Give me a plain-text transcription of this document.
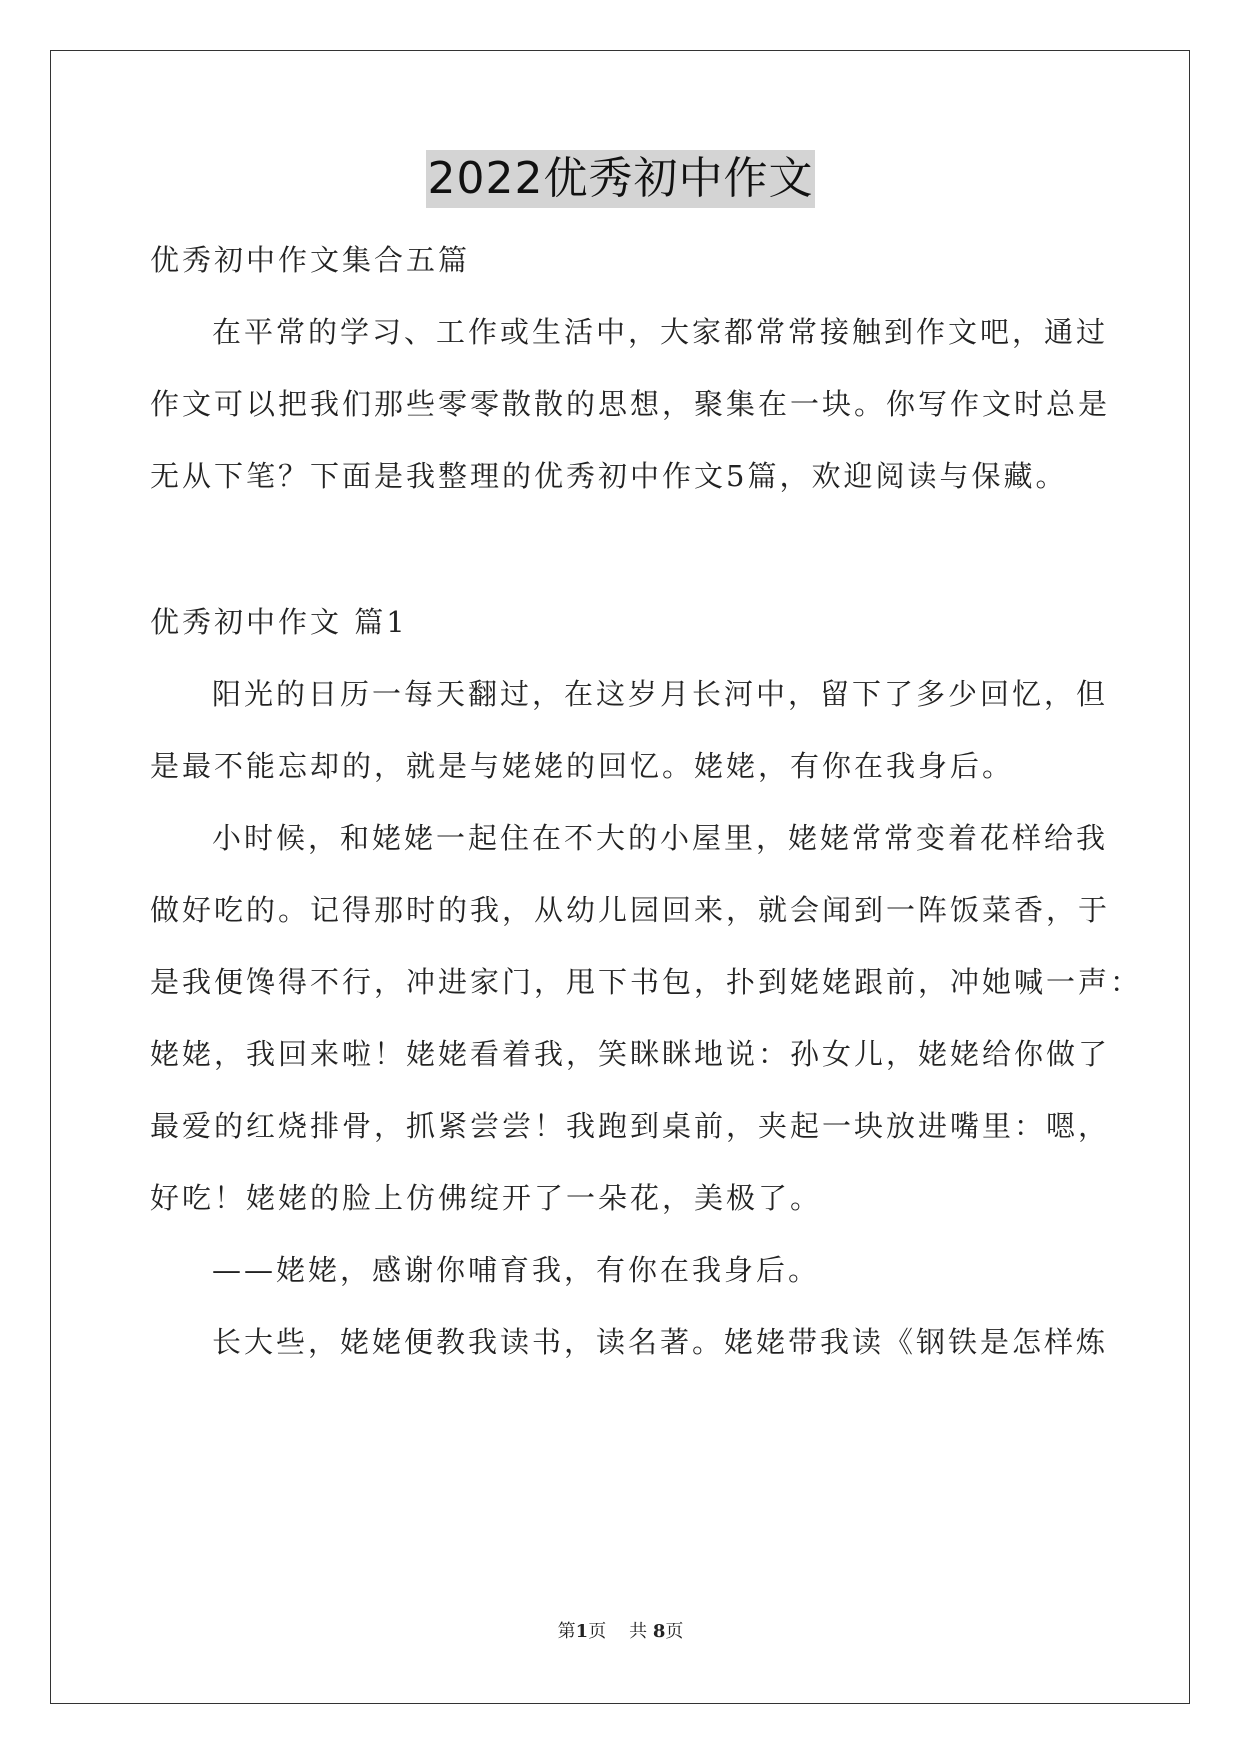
2022优秀初中作文
优秀初中作文集合五篇
在平常的学习、工作或生活中，大家都常常接触到作文吧，通过
作文可以把我们那些零零散散的思想，聚集在一块。你写作文时总是
无从下笔？下面是我整理的优秀初中作文5篇，欢迎阅读与保藏。
优秀初中作文 篇1
阳光的日历一每天翻过，在这岁月长河中，留下了多少回忆，但
是最不能忘却的，就是与姥姥的回忆。姥姥，有你在我身后。
小时候，和姥姥一起住在不大的小屋里，姥姥常常变着花样给我
做好吃的。记得那时的我，从幼儿园回来，就会闻到一阵饭菜香，于
是我便馋得不行，冲进家门，甩下书包，扑到姥姥跟前，冲她喊一声：
姥姥，我回来啦！姥姥看着我，笑眯眯地说：孙女儿，姥姥给你做了
最爱的红烧排骨，抓紧尝尝！我跑到桌前，夹起一块放进嘴里：嗯，
好吃！姥姥的脸上仿佛绽开了一朵花，美极了。
——姥姥，感谢你哺育我，有你在我身后。
长大些，姥姥便教我读书，读名著。姥姥带我读《钢铁是怎样炼
第1页 共 8页
